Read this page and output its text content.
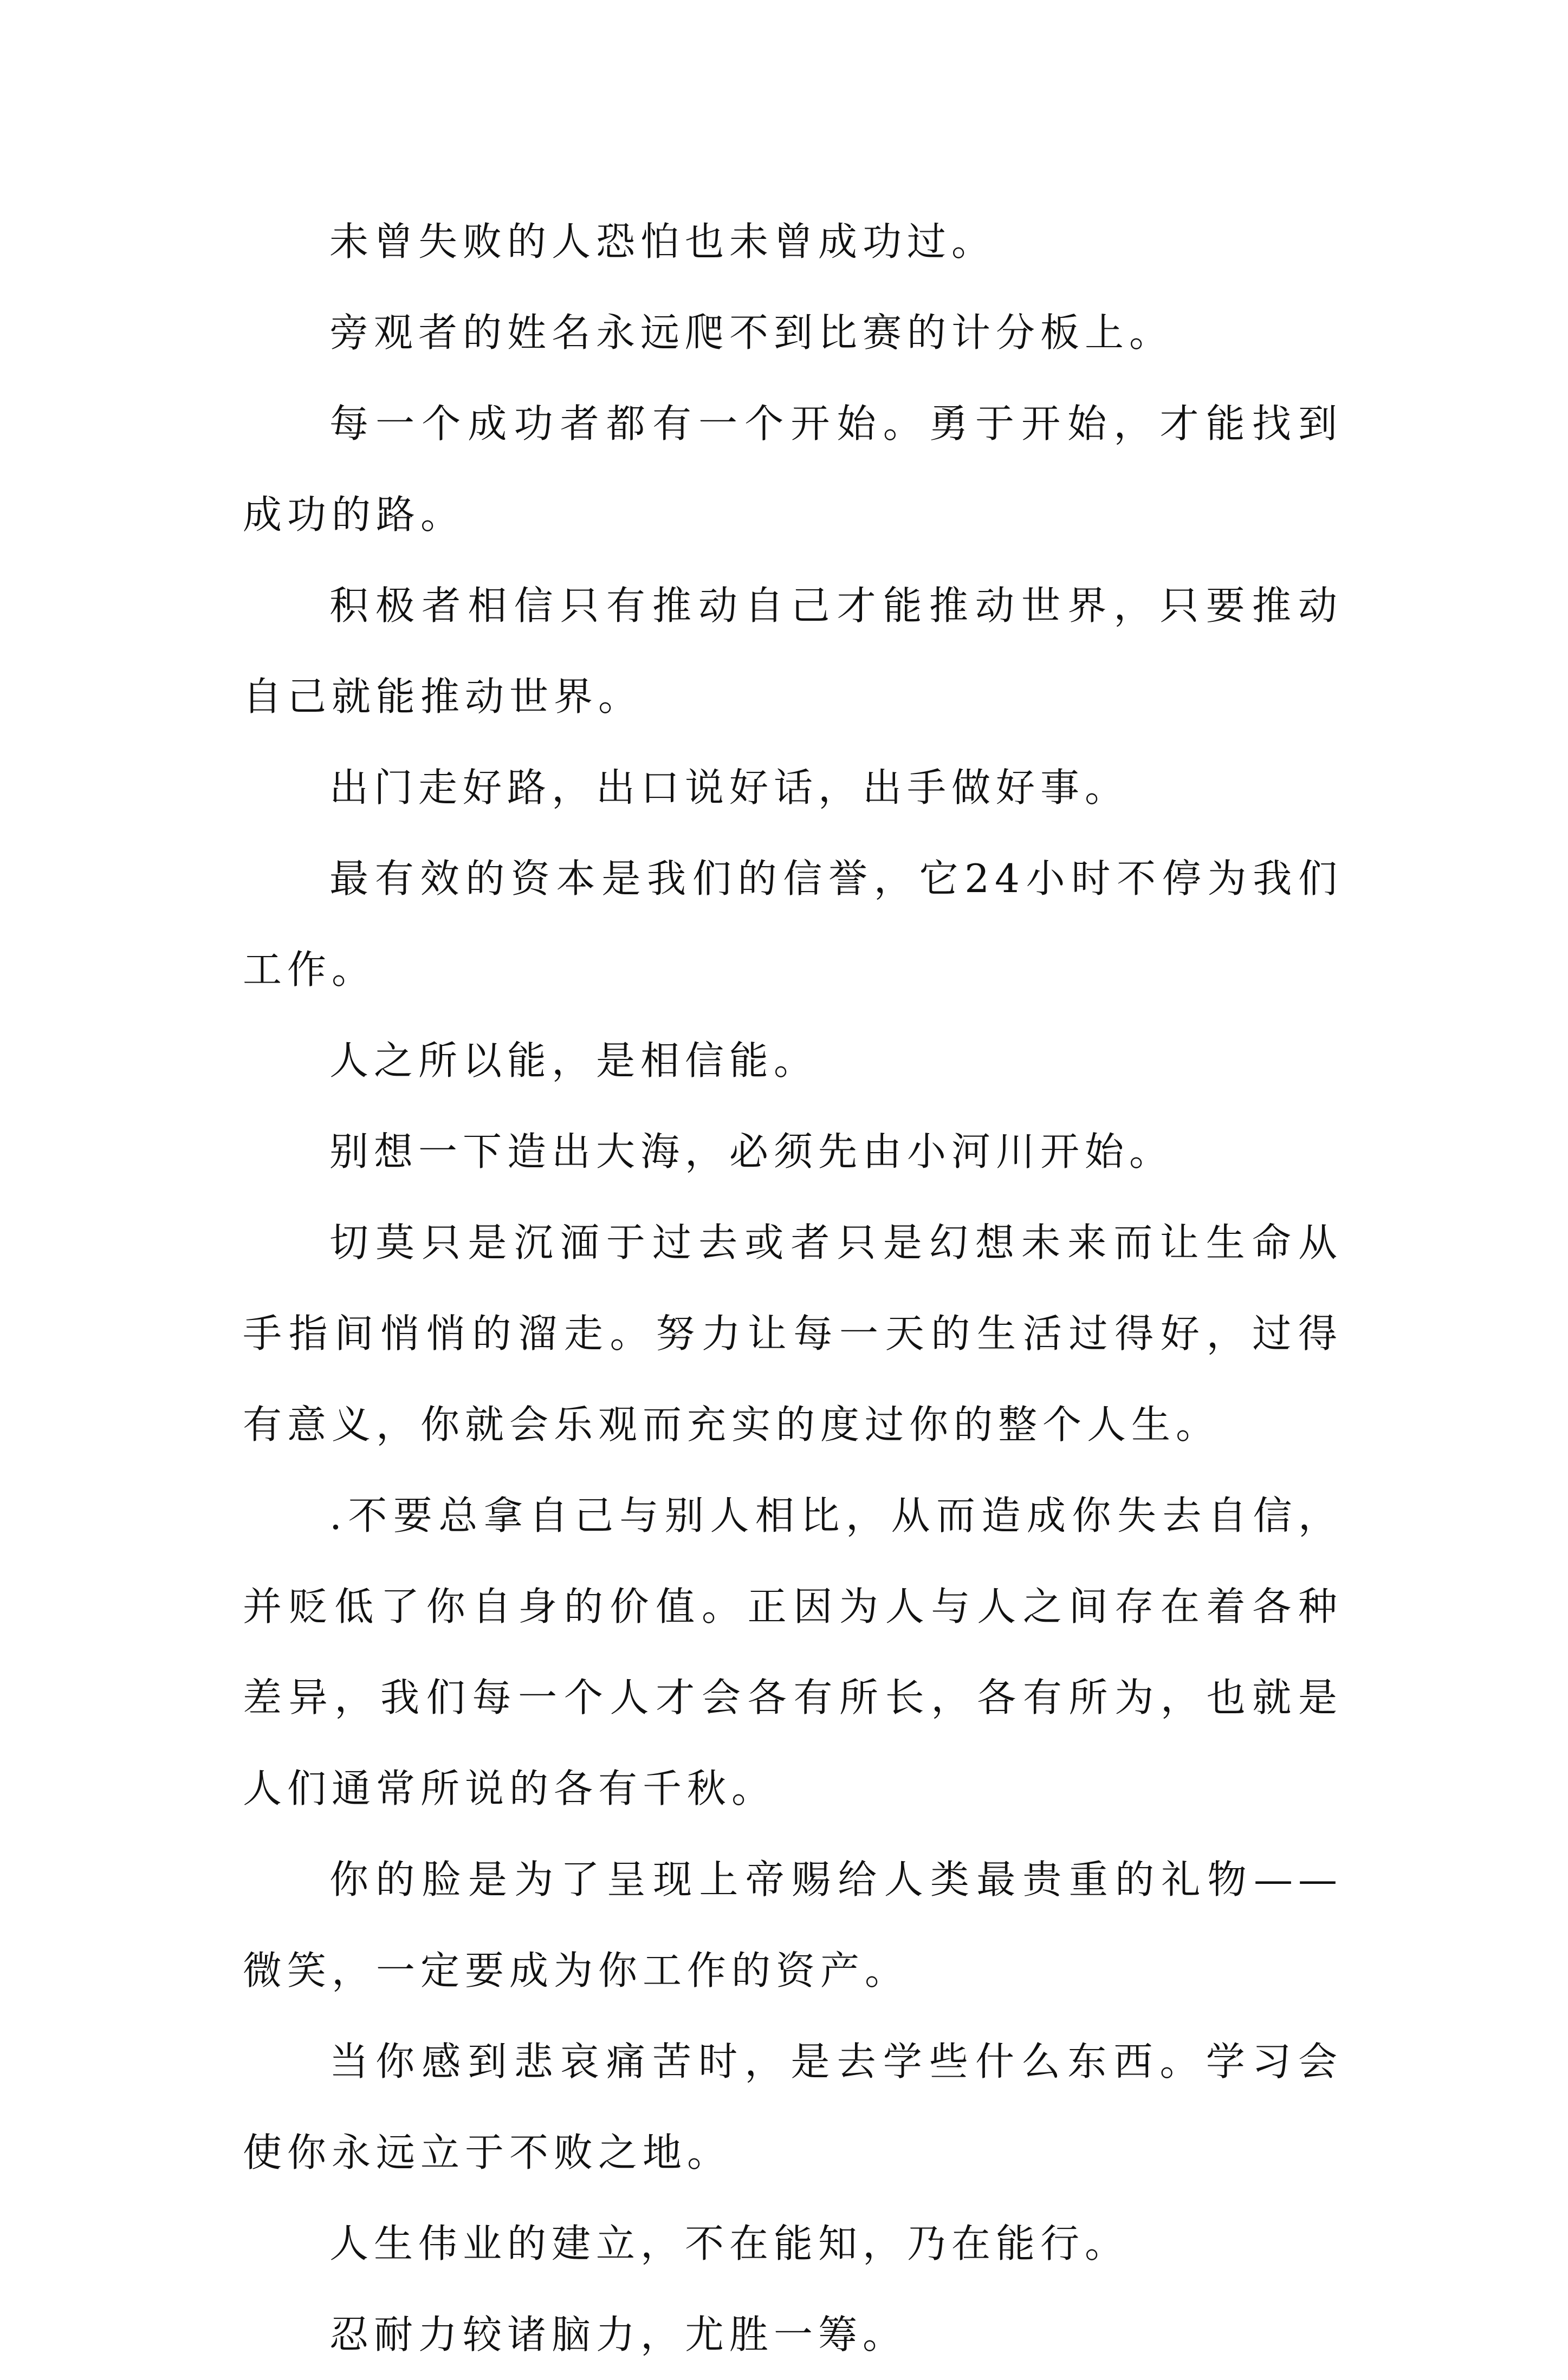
未曾失败的人恐怕也未曾成功过。

旁观者的姓名永远爬不到比赛的计分板上。

每一个成功者都有一个开始。勇于开始，才能找到成功的路。

积极者相信只有推动自己才能推动世界，只要推动自己就能推动世界。

出门走好路，出口说好话，出手做好事。

最有效的资本是我们的信誉，它24小时不停为我们工作。

人之所以能，是相信能。

别想一下造出大海，必须先由小河川开始。

切莫只是沉湎于过去或者只是幻想未来而让生命从手指间悄悄的溜走。努力让每一天的生活过得好，过得有意义，你就会乐观而充实的度过你的整个人生。

.不要总拿自己与别人相比，从而造成你失去自信，并贬低了你自身的价值。正因为人与人之间存在着各种差异，我们每一个人才会各有所长，各有所为，也就是人们通常所说的各有千秋。

你的脸是为了呈现上帝赐给人类最贵重的礼物——微笑，一定要成为你工作的资产。

当你感到悲哀痛苦时，是去学些什么东西。学习会使你永远立于不败之地。

人生伟业的建立，不在能知，乃在能行。

忍耐力较诸脑力，尤胜一筹。
